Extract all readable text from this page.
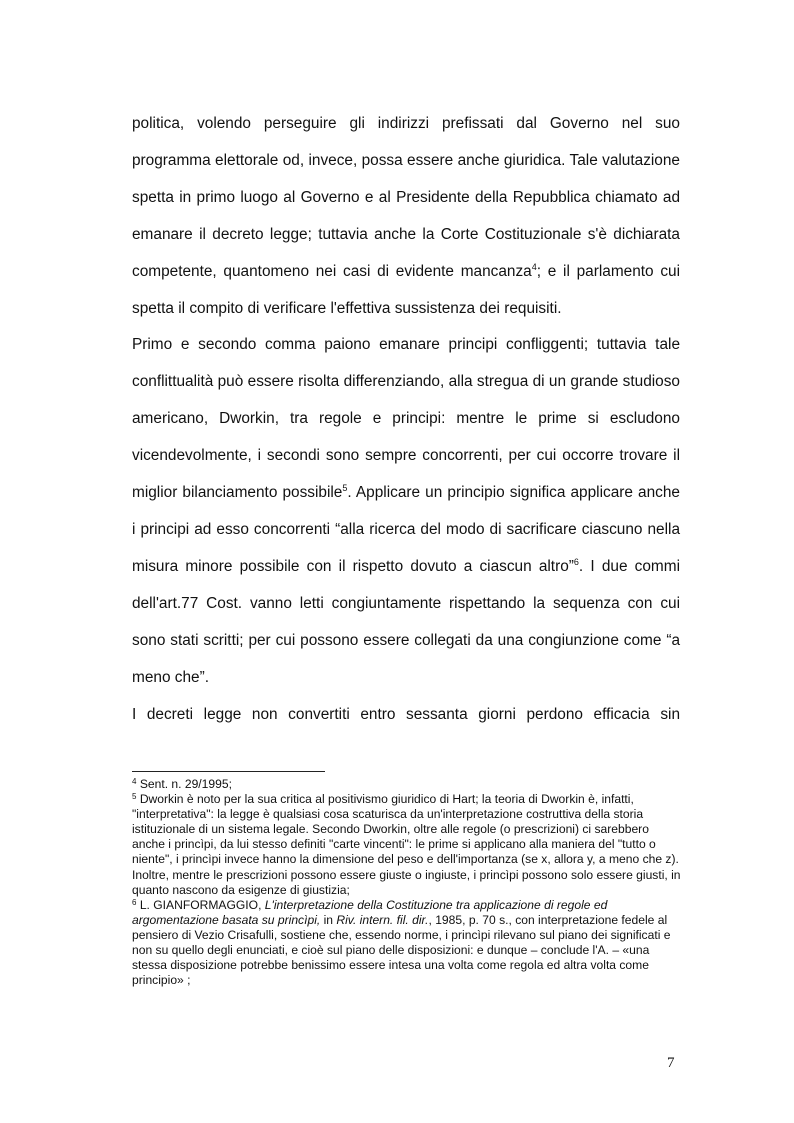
politica, volendo perseguire gli indirizzi prefissati dal Governo nel suo programma elettorale od, invece, possa essere anche giuridica. Tale valutazione spetta in primo luogo al Governo e al Presidente della Repubblica chiamato ad emanare il decreto legge; tuttavia anche la Corte Costituzionale s'è dichiarata competente, quantomeno nei casi di evidente mancanza$^4$; e il parlamento cui spetta il compito di verificare l'effettiva sussistenza dei requisiti.

Primo e secondo comma paiono emanare principi confliggenti; tuttavia tale conflittualità può essere risolta differenziando, alla stregua di un grande studioso americano, Dworkin, tra regole e principi: mentre le prime si escludono vicendevolmente, i secondi sono sempre concorrenti, per cui occorre trovare il miglior bilanciamento possibile$^5$. Applicare un principio significa applicare anche i principi ad esso concorrenti “alla ricerca del modo di sacrificare ciascuno nella misura minore possibile con il rispetto dovuto a ciascun altro”$^6$. I due commi dell'art.77 Cost. vanno letti congiuntamente rispettando la sequenza con cui sono stati scritti; per cui possono essere collegati da una congiunzione come “a meno che”.

I decreti legge non convertiti entro sessanta giorni perdono efficacia sin

$^4$ Sent. n. 29/1995;

$^5$ Dworkin è noto per la sua critica al positivismo giuridico di Hart; la teoria di Dworkin è, infatti, "interpretativa": la legge è qualsiasi cosa scaturisca da un'interpretazione costruttiva della storia istituzionale di un sistema legale. Secondo Dworkin, oltre alle regole (o prescrizioni) ci sarebbero anche i princìpi, da lui stesso definiti "carte vincenti": le prime si applicano alla maniera del "tutto o niente", i princìpi invece hanno la dimensione del peso e dell'importanza (se x, allora y, a meno che z). Inoltre, mentre le prescrizioni possono essere giuste o ingiuste, i princìpi possono solo essere giusti, in quanto nascono da esigenze di giustizia;

$^6$ L. GIANFORMAGGIO, L'interpretazione della Costituzione tra applicazione di regole ed argomentazione basata su princìpi, in Riv. intern. fil. dir., 1985, p. 70 s., con interpretazione fedele al pensiero di Vezio Crisafulli, sostiene che, essendo norme, i princìpi rilevano sul piano dei significati e non su quello degli enunciati, e cioè sul piano delle disposizioni: e dunque – conclude l'A. – «una stessa disposizione potrebbe benissimo essere intesa una volta come regola ed altra volta come principio» ;

7
